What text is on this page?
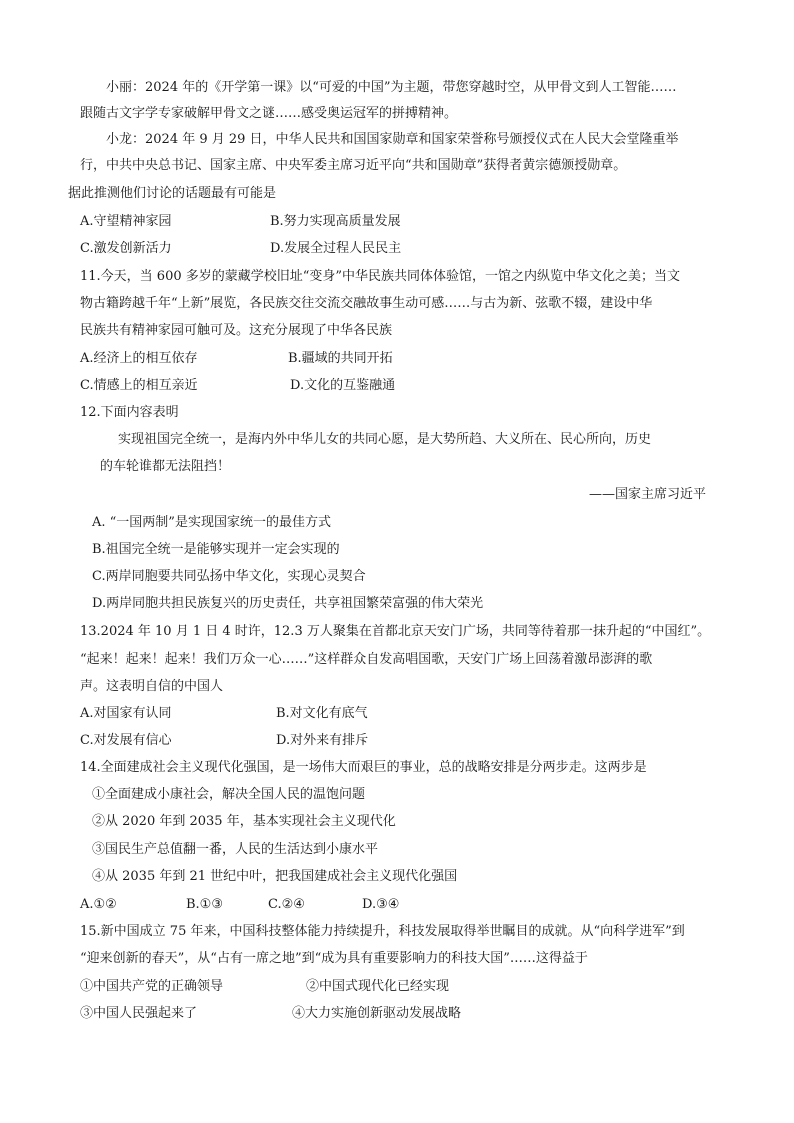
小丽：2024 年的《开学第一课》以“可爱的中国”为主题，带您穿越时空，从甲骨文到人工智能……
跟随古文字学专家破解甲骨文之谜……感受奥运冠军的拼搏精神。
小龙：2024 年 9 月 29 日，中华人民共和国国家勋章和国家荣誉称号颁授仪式在人民大会堂隆重举
行，中共中央总书记、国家主席、中央军委主席习近平向“共和国勋章”获得者黄宗德颁授勋章。
据此推测他们讨论的话题最有可能是
A.守望精神家园	B.努力实现高质量发展
C.激发创新活力	D.发展全过程人民民主
11.今天，当 600 多岁的蒙藏学校旧址“变身”中华民族共同体体验馆，一馆之内纵览中华文化之美；当文
物古籍跨越千年“上新”展览，各民族交往交流交融故事生动可感……与古为新、弦歌不辍，建设中华
民族共有精神家园可触可及。这充分展现了中华各民族
A.经济上的相互依存	B.疆域的共同开拓
C.情感上的相互亲近	D.文化的互鉴融通
12.下面内容表明
实现祖国完全统一，是海内外中华儿女的共同心愿，是大势所趋、大义所在、民心所向，历史
的车轮谁都无法阻挡！
——国家主席习近平
A. “一国两制”是实现国家统一的最佳方式
B.祖国完全统一是能够实现并一定会实现的
C.两岸同胞要共同弘扬中华文化，实现心灵契合
D.两岸同胞共担民族复兴的历史责任，共享祖国繁荣富强的伟大荣光
13.2024 年 10 月 1 日 4 时许，12.3 万人聚集在首都北京天安门广场，共同等待着那一抹升起的“中国红”。
“起来！起来！起来！我们万众一心……”这样群众自发高唱国歌，天安门广场上回荡着激昂澎湃的歌
声。这表明自信的中国人
A.对国家有认同	B.对文化有底气
C.对发展有信心	D.对外来有排斥
14.全面建成社会主义现代化强国，是一场伟大而艰巨的事业，总的战略安排是分两步走。这两步是
①全面建成小康社会，解决全国人民的温饱问题
②从 2020 年到 2035 年，基本实现社会主义现代化
③国民生产总值翻一番，人民的生活达到小康水平
④从 2035 年到 21 世纪中叶，把我国建成社会主义现代化强国
A.①②	B.①③	C.②④	D.③④
15.新中国成立 75 年来，中国科技整体能力持续提升，科技发展取得举世瞩目的成就。从“向科学进军”到
“迎来创新的春天”，从“占有一席之地”到“成为具有重要影响力的科技大国”……这得益于
①中国共产党的正确领导	②中国式现代化已经实现
③中国人民强起来了	④大力实施创新驱动发展战略
